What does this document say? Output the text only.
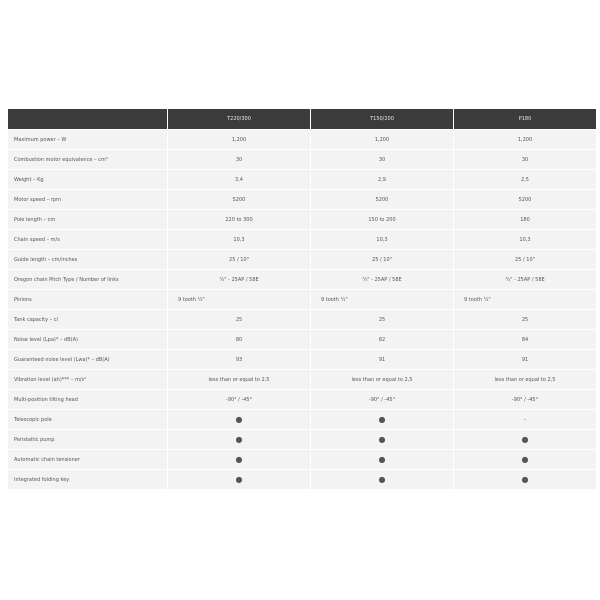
	T220/300	T150/200	P180
Maximum power – W	1,200	1,200	1,200
Combustion motor equivalence – cm³	30	30	30
Weight – Kg	3,4	2,9	2,5
Motor speed – rpm	5200	5200	5200
Pole length – cm	220 to 300	150 to 200	180
Chain speed – m/s	10,3	10,3	10,3
Guide length – cm/inches	25 / 10"	25 / 10"	25 / 10"
Oregon chain Pitch Type / Number of links	¼" - 25AP / 58E	¼" - 25AP / 58E	¼" - 25AP / 58E
Pinions	9 tooth ¼"	9 tooth ¼"	9 tooth ¼"
Tank capacity – cl	25	25	25
Noise level (Lpa)* – dB(A)	80	82	84
Guaranteed noise level (Lwa)* – dB(A)	93	91	91
Vibration level (ah)*** – m/s²	less than or equal to 2,5	less than or equal to 2,5	less than or equal to 2,5
Multi-position tilting head	-90° / -45°	-90° / -45°	-90° / -45°
Telescopic pole	●	●	–
Peristaltic pump	●	●	●
Automatic chain tensioner	●	●	●
Integrated folding key	●	●	●
